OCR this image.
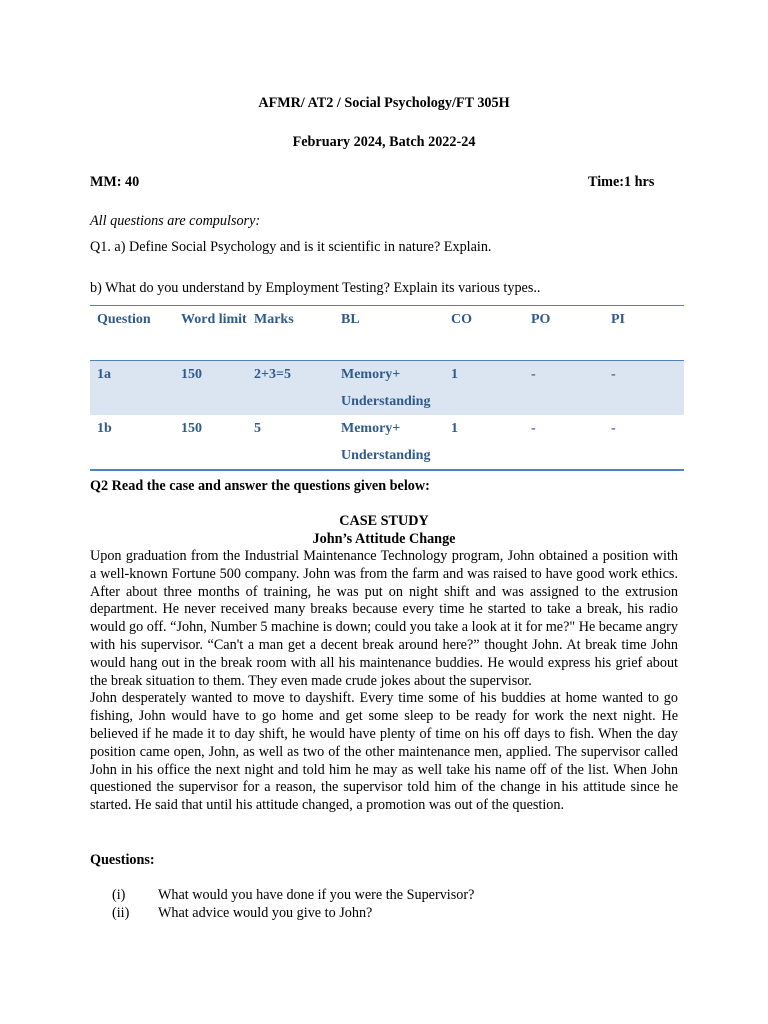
AFMR/ AT2 / Social Psychology/FT 305H
February 2024, Batch 2022-24
MM: 40	Time:1 hrs
All questions are compulsory:
Q1. a) Define Social Psychology and is it scientific in nature? Explain.
b) What do you understand by Employment Testing? Explain its various types..
Question	Word limit	Marks	BL	CO	PO	PI
1a	150	2+3=5	Memory+ Understanding	1	-	-
1b	150	5	Memory+ Understanding	1	-	-
Q2 Read the case and answer the questions given below:
CASE STUDY
John’s Attitude Change

Upon graduation from the Industrial Maintenance Technology program, John obtained a position with a well-known Fortune 500 company. John was from the farm and was raised to have good work ethics. After about three months of training, he was put on night shift and was assigned to the extrusion department. He never received many breaks because every time he started to take a break, his radio would go off. “John, Number 5 machine is down; could you take a look at it for me?" He became angry with his supervisor. “Can't a man get a decent break around here?” thought John. At break time John would hang out in the break room with all his maintenance buddies. He would express his grief about the break situation to them. They even made crude jokes about the supervisor.

John desperately wanted to move to dayshift. Every time some of his buddies at home wanted to go fishing, John would have to go home and get some sleep to be ready for work the next night. He believed if he made it to day shift, he would have plenty of time on his off days to fish. When the day position came open, John, as well as two of the other maintenance men, applied. The supervisor called John in his office the next night and told him he may as well take his name off of the list. When John questioned the supervisor for a reason, the supervisor told him of the change in his attitude since he started. He said that until his attitude changed, a promotion was out of the question.

Questions:
(i) What would you have done if you were the Supervisor?
(ii) What advice would you give to John?
